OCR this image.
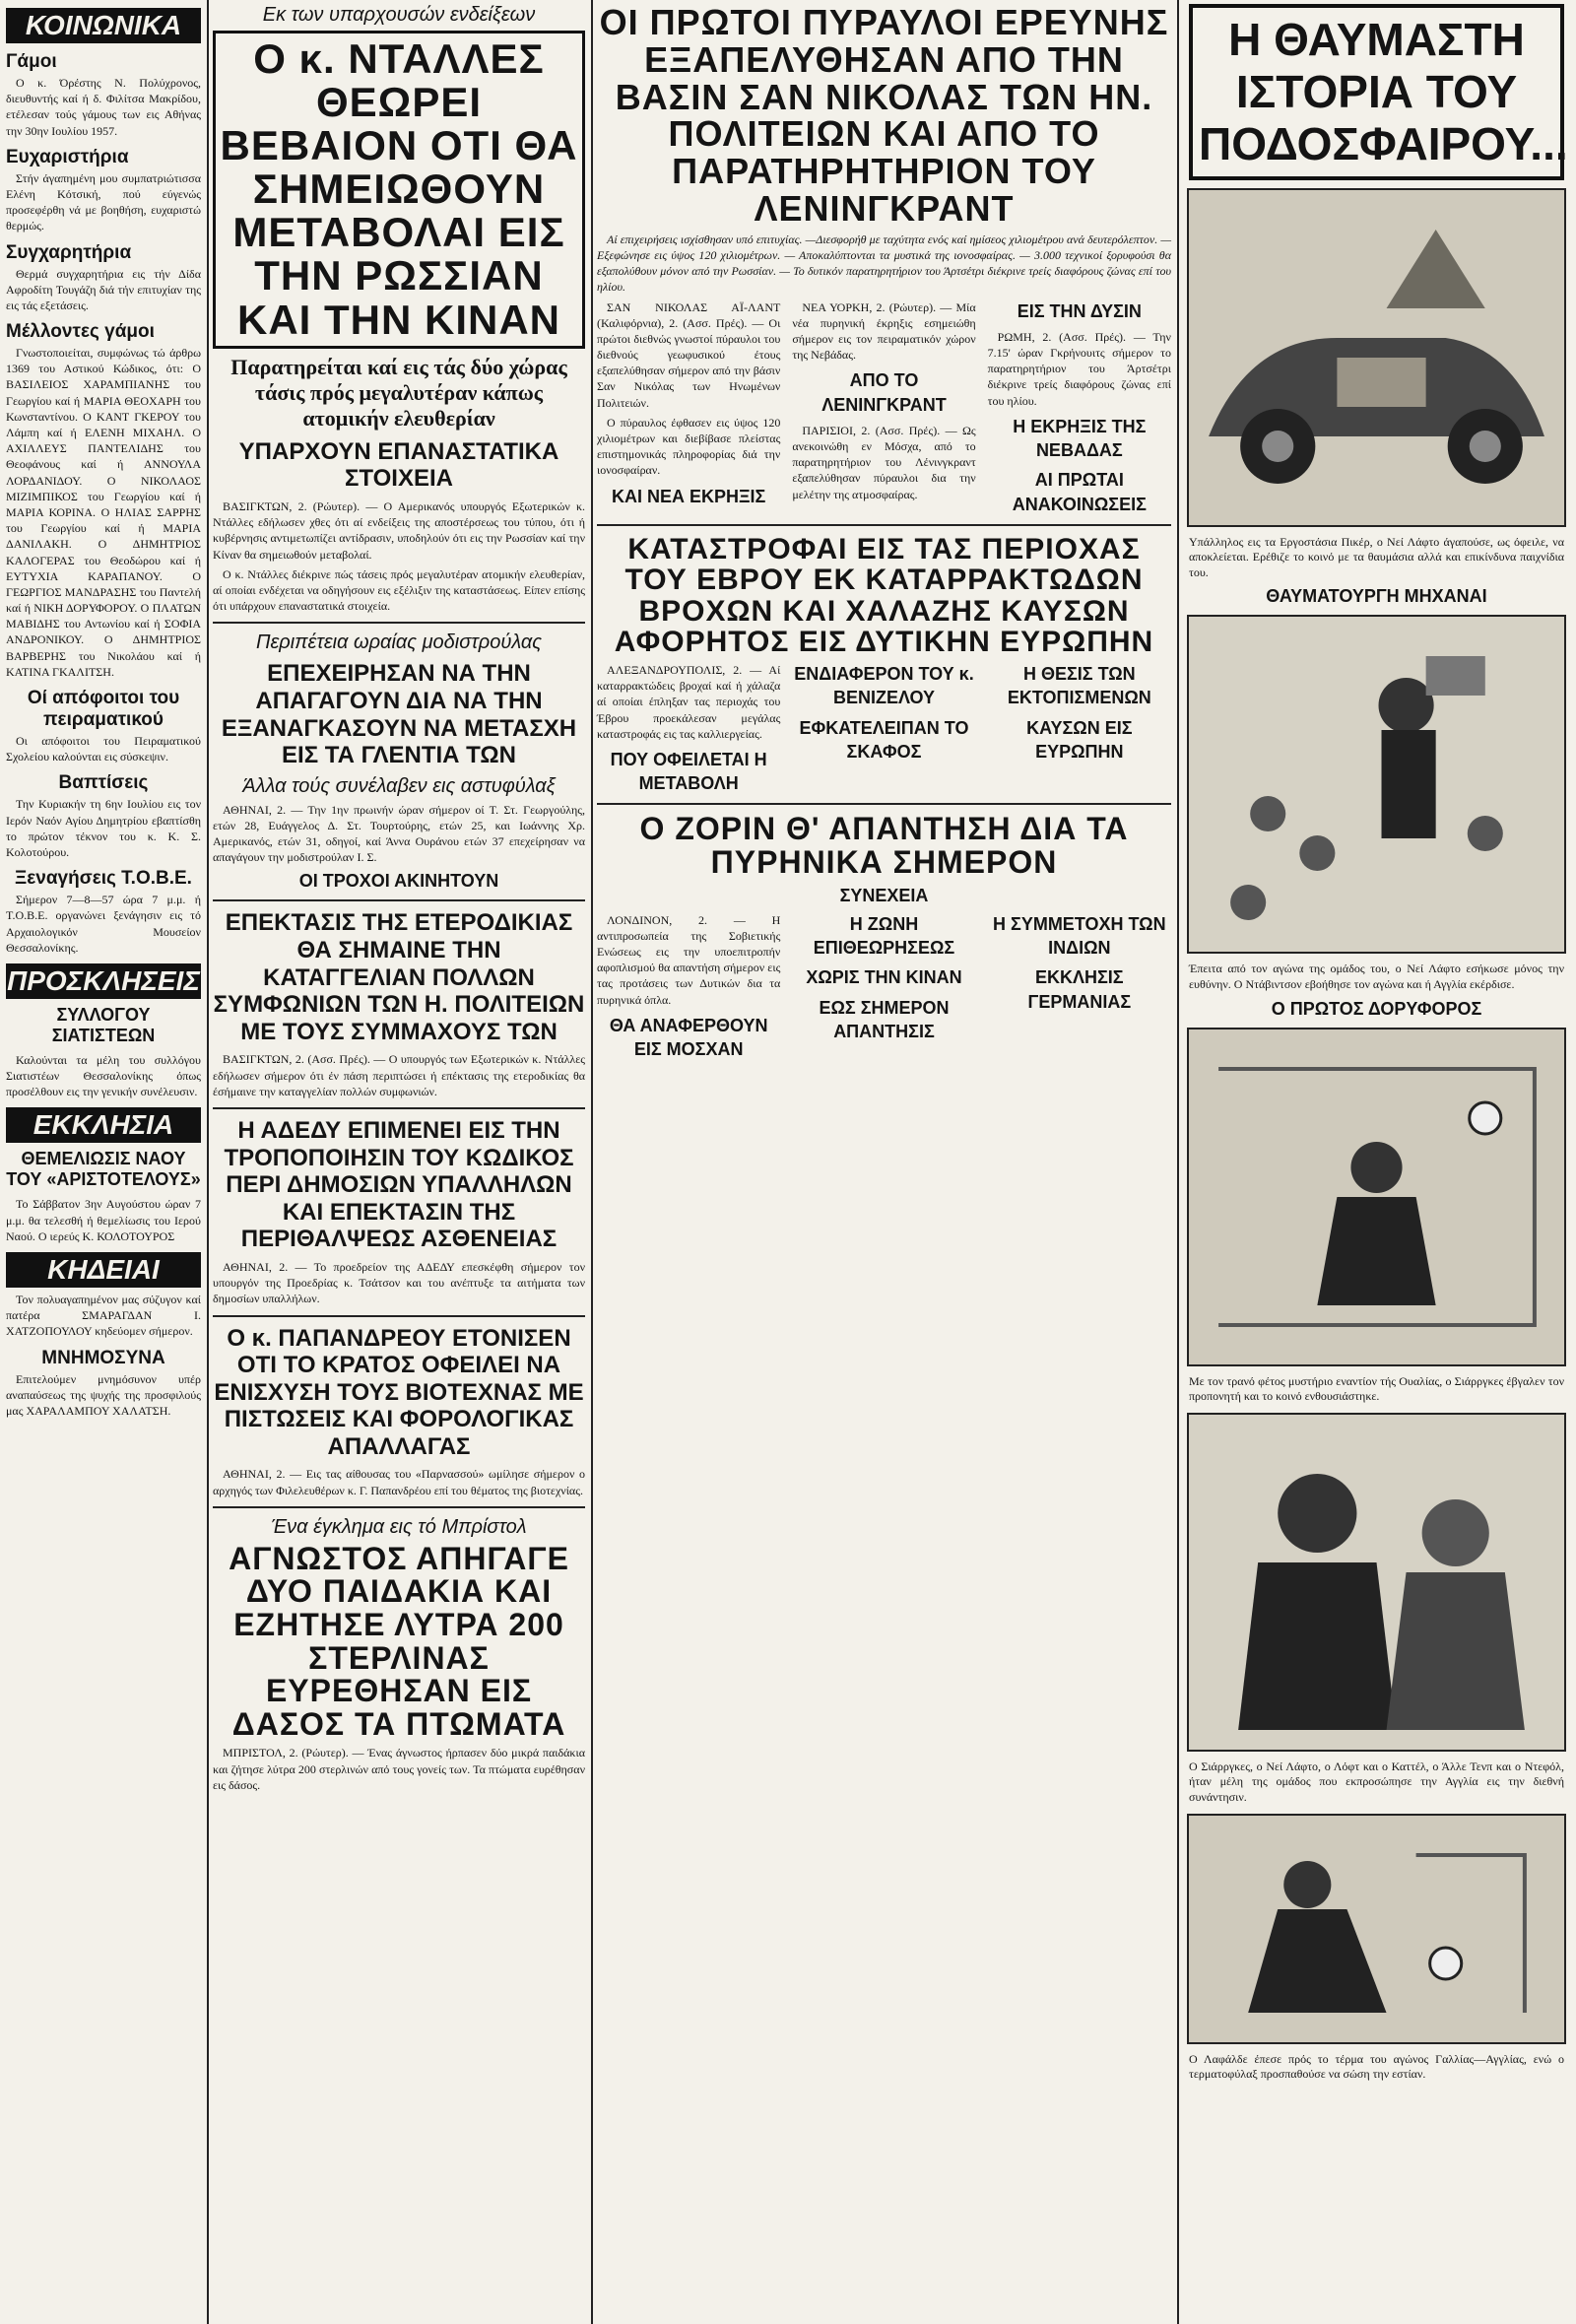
ΚΟΙΝΩΝΙΚΑ
Γάμοι

Ο κ. Όρέστης Ν. Πολύχρονος, διευθυντής καί ή δ. Φιλίτσα Μακρίδου, ετέλεσαν τούς γάμους των εις Αθήνας την 30ην Ιουλίου 1957.

Ευχαριστήρια

Στήν άγαπημένη μου συμπατριώτισσα Ελένη Κότσική, πού εύγενώς προσεφέρθη νά με βοηθήση, ευχαριστώ θερμώς.

Συγχαρητήρια

Θερμά συγχαρητήρια εις τήν Δίδα Αφροδίτη Τουγάζη διά τήν επιτυχίαν της εις τάς εξετάσεις.

Μέλλοντες γάμοι

Γνωστοποιείται, συμφώνως τώ άρθρω 1369 του Αστικού Κώδικος, ότι: Ο ΒΑΣΙΛΕΙΟΣ ΧΑΡΑΜΠΙΑΝΗΣ του Γεωργίου καί ή ΜΑΡΙΑ ΘΕΟΧΑΡΗ του Κωνσταντίνου. Ο ΚΑΝΤ ΓΚΕΡΟΥ του Λάμπη καί ή ΕΛΕΝΗ ΜΙΧΑΗΛ. Ο ΑΧΙΛΛΕΥΣ ΠΑΝΤΕΛΙΔΗΣ του Θεοφάνους καί ή ΑΝΝΟΥΛΑ ΛΟΡΔΑΝΙΔΟΥ. Ο ΝΙΚΟΛΑΟΣ ΜΙΖΙΜΠΙΚΟΣ του Γεωργίου καί ή ΜΑΡΙΑ ΚΟΡΙΝΑ. Ο ΗΛΙΑΣ ΣΑΡΡΗΣ του Γεωργίου καί ή ΜΑΡΙΑ ΔΑΝΙΛΑΚΗ. Ο ΔΗΜΗΤΡΙΟΣ ΚΑΛΟΓΕΡΑΣ του Θεοδώρου καί ή ΕΥΤΥΧΙΑ ΚΑΡΑΠΑΝΟΥ. Ο ΓΕΩΡΓΙΟΣ ΜΑΝΔΡΑΣΗΣ του Παντελή καί ή ΝΙΚΗ ΔΟΡΥΦΟΡΟΥ. Ο ΠΛΑΤΩΝ ΜΑΒΙΔΗΣ του Αντωνίου καί ή ΣΟΦΙΑ ΑΝΔΡΟΝΙΚΟΥ. Ο ΔΗΜΗΤΡΙΟΣ ΒΑΡΒΕΡΗΣ του Νικολάου καί ή ΚΑΤΙΝΑ ΓΚΑΛΙΤΣΗ.

Οί απόφοιτοι του πειραματικού

Οι απόφοιτοι του Πειραματικού Σχολείου καλούνται εις σύσκεψιν.

Βαπτίσεις

Την Κυριακήν τη 6ην Ιουλίου εις τον Ιερόν Ναόν Αγίου Δημητρίου εβαπτίσθη το πρώτον τέκνον του κ. Κ. Σ. Κολοτούρου.

Ξεναγήσεις Τ.Ο.Β.Ε.

Σήμερον 7—8—57 ώρα 7 μ.μ. ή Τ.Ο.Β.Ε. οργανώνει ξενάγησιν εις τό Αρχαιολογικόν Μουσείον Θεσσαλονίκης.

ΠΡΟΣΚΛΗΣΕΙΣ
ΣΥΛΛΟΓΟΥ ΣΙΑΤΙΣΤΕΩΝ

Καλούνται τα μέλη του συλλόγου Σιατιστέων Θεσσαλονίκης όπως προσέλθουν εις την γενικήν συνέλευσιν.

ΕΚΚΛΗΣΙΑ
ΘΕΜΕΛΙΩΣΙΣ ΝΑΟΥ ΤΟΥ «ΑΡΙΣΤΟΤΕΛΟΥΣ»

Το Σάββατον 3ην Αυγούστου ώραν 7 μ.μ. θα τελεσθή ή θεμελίωσις του Ιερού Ναού. Ο ιερεύς Κ. ΚΟΛΟΤΟΥΡΟΣ

ΚΗΔΕΙΑΙ

Τον πολυαγαπημένον μας σύζυγον καί πατέρα ΣΜΑΡΑΓΔΑΝ Ι. ΧΑΤΖΟΠΟΥΛΟΥ κηδεύομεν σήμερον.

ΜΝΗΜΟΣΥΝΑ

Επιτελούμεν μνημόσυνον υπέρ αναπαύσεως της ψυχής της προσφιλούς μας ΧΑΡΑΛΑΜΠΟΥ ΧΑΛΑΤΣΗ.

Εκ των υπαρχουσών ενδείξεων
Ο κ. ΝΤΑΛΛΕΣ ΘΕΩΡΕΙ ΒΕΒΑΙΟΝ ΟΤΙ ΘΑ ΣΗΜΕΙΩΘΟΥΝ ΜΕΤΑΒΟΛΑΙ ΕΙΣ ΤΗΝ ΡΩΣΣΙΑΝ ΚΑΙ ΤΗΝ ΚΙΝΑΝ
Παρατηρείται καί εις τάς δύο χώρας τάσις πρός μεγαλυτέραν κάπως ατομικήν ελευθερίαν
ΥΠΑΡΧΟΥΝ ΕΠΑΝΑΣΤΑΤΙΚΑ ΣΤΟΙΧΕΙΑ

ΒΑΣΙΓΚΤΩΝ, 2. (Ρώυτερ). — Ο Αμερικανός υπουργός Εξωτερικών κ. Ντάλλες εδήλωσεν χθες ότι αί ενδείξεις της αποστέρσεως του τύπου, ότι ή κυβέρνησις αντιμετωπίζει αντίδρασιν, υποδηλούν ότι εις την Ρωσσίαν καί την Κίναν θα σημειωθούν μεταβολαί.

Ο κ. Ντάλλες διέκρινε πώς τάσεις πρός μεγαλυτέραν ατομικήν ελευθερίαν, αί οποίαι ενδέχεται να οδηγήσουν εις εξέλιξιν της καταστάσεως. Είπεν επίσης ότι υπάρχουν επαναστατικά στοιχεία.

Περιπέτεια ωραίας μοδιστρούλας
ΕΠΕΧΕΙΡΗΣΑΝ ΝΑ ΤΗΝ ΑΠΑΓΑΓΟΥΝ ΔΙΑ ΝΑ ΤΗΝ ΕΞΑΝΑΓΚΑΣΟΥΝ ΝΑ ΜΕΤΑΣΧΗ ΕΙΣ ΤΑ ΓΛΕΝΤΙΑ ΤΩΝ
Άλλα τούς συνέλαβεν εις αστυφύλαξ

ΑΘΗΝΑΙ, 2. — Την 1ην πρωινήν ώραν σήμερον οί Τ. Στ. Γεωργούλης, ετών 28, Ευάγγελος Δ. Στ. Τουρτούρης, ετών 25, και Ιωάννης Χρ. Αμερικανός, ετών 31, οδηγοί, καί Άννα Ουράνου ετών 37 επεχείρησαν να απαγάγουν την μοδιστρούλαν Ι. Σ.

ΟΙ ΤΡΟΧΟΙ ΑΚΙΝΗΤΟΥΝ
ΕΠΕΚΤΑΣΙΣ ΤΗΣ ΕΤΕΡΟΔΙΚΙΑΣ ΘΑ ΣΗΜΑΙΝΕ ΤΗΝ ΚΑΤΑΓΓΕΛΙΑΝ ΠΟΛΛΩΝ ΣΥΜΦΩΝΙΩΝ ΤΩΝ Η. ΠΟΛΙΤΕΙΩΝ ΜΕ ΤΟΥΣ ΣΥΜΜΑΧΟΥΣ ΤΩΝ

ΒΑΣΙΓΚΤΩΝ, 2. (Ασσ. Πρές). — Ο υπουργός των Εξωτερικών κ. Ντάλλες εδήλωσεν σήμερον ότι έν πάση περιπτώσει ή επέκτασις της ετεροδικίας θα έσήμαινε την καταγγελίαν πολλών συμφωνιών.

Η ΑΔΕΔΥ ΕΠΙΜΕΝΕΙ ΕΙΣ ΤΗΝ ΤΡΟΠΟΠΟΙΗΣΙΝ ΤΟΥ ΚΩΔΙΚΟΣ ΠΕΡΙ ΔΗΜΟΣΙΩΝ ΥΠΑΛΛΗΛΩΝ ΚΑΙ ΕΠΕΚΤΑΣΙΝ ΤΗΣ ΠΕΡΙΘΑΛΨΕΩΣ ΑΣΘΕΝΕΙΑΣ

ΑΘΗΝΑΙ, 2. — Το προεδρείον της ΑΔΕΔΥ επεσκέφθη σήμερον τον υπουργόν της Προεδρίας κ. Τσάτσον και του ανέπτυξε τα αιτήματα των δημοσίων υπαλλήλων.

Ο κ. ΠΑΠΑΝΔΡΕΟΥ ΕΤΟΝΙΣΕΝ ΟΤΙ ΤΟ ΚΡΑΤΟΣ ΟΦΕΙΛΕΙ ΝΑ ΕΝΙΣΧΥΣΗ ΤΟΥΣ ΒΙΟΤΕΧΝΑΣ ΜΕ ΠΙΣΤΩΣΕΙΣ ΚΑΙ ΦΟΡΟΛΟΓΙΚΑΣ ΑΠΑΛΛΑΓΑΣ

ΑΘΗΝΑΙ, 2. — Εις τας αίθουσας του «Παρνασσού» ωμίλησε σήμερον ο αρχηγός των Φιλελευθέρων κ. Γ. Παπανδρέου επί του θέματος της βιοτεχνίας.

Ένα έγκλημα εις τό Μπρίστολ
ΑΓΝΩΣΤΟΣ ΑΠΗΓΑΓΕ ΔΥΟ ΠΑΙΔΑΚΙΑ ΚΑΙ ΕΖΗΤΗΣΕ ΛΥΤΡΑ 200 ΣΤΕΡΛΙΝΑΣ ΕΥΡΕΘΗΣΑΝ ΕΙΣ ΔΑΣΟΣ ΤΑ ΠΤΩΜΑΤΑ

ΜΠΡΙΣΤΟΛ, 2. (Ρώυτερ). — Ένας άγνωστος ήρπασεν δύο μικρά παιδάκια και ζήτησε λύτρα 200 στερλινών από τους γονείς των. Τα πτώματα ευρέθησαν εις δάσος.

ΟΙ ΠΡΩΤΟΙ ΠΥΡΑΥΛΟΙ ΕΡΕΥΝΗΣ ΕΞΑΠΕΛΥΘΗΣΑΝ ΑΠΟ ΤΗΝ ΒΑΣΙΝ ΣΑΝ ΝΙΚΟΛΑΣ ΤΩΝ ΗΝ. ΠΟΛΙΤΕΙΩΝ ΚΑΙ ΑΠΟ ΤΟ ΠΑΡΑΤΗΡΗΤΗΡΙΟΝ ΤΟΥ ΛΕΝΙΝΓΚΡΑΝΤ

Αί επιχειρήσεις ισχίσθησαν υπό επιτυχίας. —Διεσφορήθ με ταχύτητα ενός καί ημίσεος χιλιομέτρου ανά δευτερόλεπτον. — Εξεφώνησε εις ύψος 120 χιλιομέτρων. — Αποκαλύπτονται τα μυστικά της ιονοσφαίρας. — 3.000 τεχνικοί ξορυφούσι θα εξαπολύθουν μόνον από την Ρωσσίαν. — Το δυτικόν παρατηρητήριον του Άρτσέτρι διέκρινε τρείς διαφόρους ζώνας επί του ηλίου.

ΣΑΝ ΝΙΚΟΛΑΣ ΑΪ-ΛΑΝΤ (Καλιφόρνια), 2. (Ασσ. Πρές). — Οι πρώτοι διεθνώς γνωστοί πύραυλοι του διεθνούς γεωφυσικού έτους εξαπελύθησαν σήμερον από την βάσιν Σαν Νικόλας των Ηνωμένων Πολιτειών.

Ο πύραυλος έφθασεν εις ύψος 120 χιλιομέτρων και διεβίβασε πλείστας επιστημονικάς πληροφορίας διά την ιονοσφαίραν.

ΚΑΙ ΝΕΑ ΕΚΡΗΞΙΣ

ΝΕΑ ΥΟΡΚΗ, 2. (Ρώυτερ). — Μία νέα πυρηνική έκρηξις εσημειώθη σήμερον εις τον πειραματικόν χώρον της Νεβάδας.

ΑΠΟ ΤΟ ΛΕΝΙΝΓΚΡΑΝΤ

ΠΑΡΙΣΙΟΙ, 2. (Ασσ. Πρές). — Ως ανεκοινώθη εν Μόσχα, από το παρατηρητήριον του Λένινγκραντ εξαπελύθησαν πύραυλοι δια την μελέτην της ατμοσφαίρας.

ΕΙΣ ΤΗΝ ΔΥΣΙΝ

ΡΩΜΗ, 2. (Ασσ. Πρές). — Την 7.15' ώραν Γκρήνουιτς σήμερον το παρατηρητήριον του Άρτσέτρι διέκρινε τρείς διαφόρους ζώνας επί του ηλίου.

Η ΕΚΡΗΞΙΣ ΤΗΣ ΝΕΒΑΔΑΣ
ΑΙ ΠΡΩΤΑΙ ΑΝΑΚΟΙΝΩΣΕΙΣ
ΚΑΤΑΣΤΡΟΦΑΙ ΕΙΣ ΤΑΣ ΠΕΡΙΟΧΑΣ ΤΟΥ ΕΒΡΟΥ ΕΚ ΚΑΤΑΡΡΑΚΤΩΔΩΝ ΒΡΟΧΩΝ ΚΑΙ ΧΑΛΑΖΗΣ ΚΑΥΣΩΝ ΑΦΟΡΗΤΟΣ ΕΙΣ ΔΥΤΙΚΗΝ ΕΥΡΩΠΗΝ

ΑΛΕΞΑΝΔΡΟΥΠΟΛΙΣ, 2. — Αί καταρρακτώδεις βροχαί καί ή χάλαζα αί οποίαι έπληξαν τας περιοχάς του Έβρου προεκάλεσαν μεγάλας καταστροφάς εις τας καλλιεργείας.

ΠΟΥ ΟΦΕΙΛΕΤΑΙ Η ΜΕΤΑΒΟΛΗ
ΕΝΔΙΑΦΕΡΟΝ ΤΟΥ κ. ΒΕΝΙΖΕΛΟΥ
ΕΦΚΑΤΕΛΕΙΠΑΝ ΤΟ ΣΚΑΦΟΣ
Η ΘΕΣΙΣ ΤΩΝ ΕΚΤΟΠΙΣΜΕΝΩΝ
ΚΑΥΣΩΝ ΕΙΣ ΕΥΡΩΠΗΝ
Ο ΖΟΡΙΝ Θ' ΑΠΑΝΤΗΣΗ ΔΙΑ ΤΑ ΠΥΡΗΝΙΚΑ ΣΗΜΕΡΟΝ
ΣΥΝΕΧΕΙΑ

ΛΟΝΔΙΝΟΝ, 2. — Η αντιπροσωπεία της Σοβιετικής Ενώσεως εις την υποεπιτροπήν αφοπλισμού θα απαντήση σήμερον εις τας προτάσεις των Δυτικών δια τα πυρηνικά όπλα.

ΘΑ ΑΝΑΦΕΡΘΟΥΝ ΕΙΣ ΜΟΣΧΑΝ
Η ΖΩΝΗ ΕΠΙΘΕΩΡΗΣΕΩΣ
ΧΩΡΙΣ ΤΗΝ ΚΙΝΑΝ
ΕΩΣ ΣΗΜΕΡΟΝ ΑΠΑΝΤΗΣΙΣ
Η ΣΥΜΜΕΤΟΧΗ ΤΩΝ ΙΝΔΙΩΝ
ΕΚΚΛΗΣΙΣ ΓΕΡΜΑΝΙΑΣ
Η ΘΑΥΜΑΣΤΗ ΙΣΤΟΡΙΑ ΤΟΥ ΠΟΔΟΣΦΑΙΡΟΥ...
Υπάλληλος εις τα Εργοστάσια Πικέρ, ο Νεί Λάφτο άγαπούσε, ως όφειλε, να αποκλείεται. Ερέθιζε το κοινό με τα θαυμάσια αλλά και επικίνδυνα παιχνίδια του.
ΘΑΥΜΑΤΟΥΡΓΗ ΜΗΧΑΝΑΙ
Έπειτα από τον αγώνα της ομάδος του, ο Νεί Λάφτο εσήκωσε μόνος την ευθύνην. Ο Ντάβιντσον εβοήθησε τον αγώνα και ή Αγγλία εκέρδισε.
Ο ΠΡΩΤΟΣ ΔΟΡΥΦΟΡΟΣ
Με τον τρανό φέτος μυστήριο εναντίον τής Ουαλίας, ο Σιάρργκες έβγαλεν τον προπονητή και το κοινό ενθουσιάστηκε.
Ο Σιάρργκες, ο Νεί Λάφτο, ο Λόφτ και ο Καττέλ, ο Άλλε Τενπ και ο Ντεφόλ, ήταν μέλη της ομάδος που εκπροσώπησε την Αγγλία εις την διεθνή συνάντησιν.
Ο Λαφάλδε έπεσε πρός το τέρμα του αγώνος Γαλλίας—Αγγλίας, ενώ ο τερματοφύλαξ προσπαθούσε να σώση την εστίαν.
